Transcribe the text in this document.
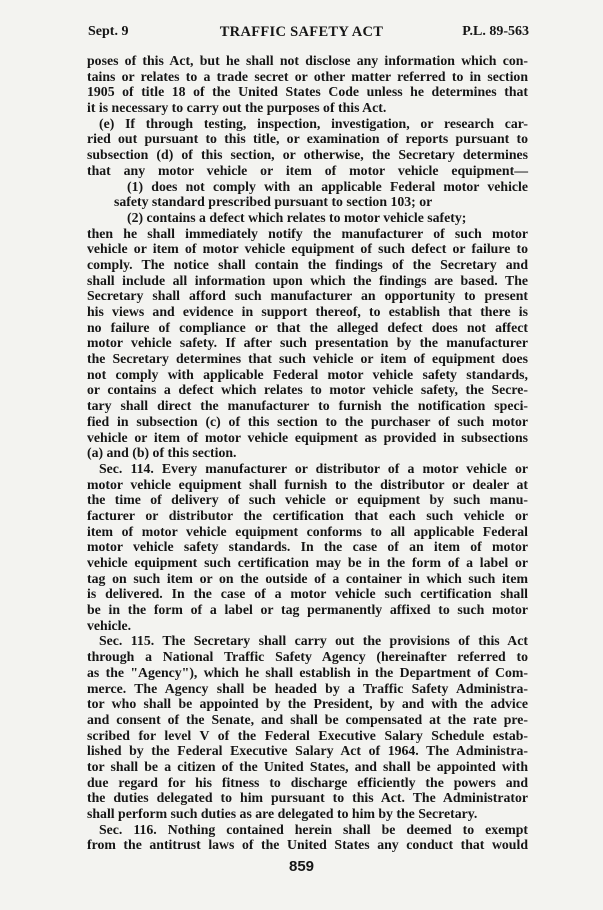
Sept. 9	TRAFFIC SAFETY ACT	P.L. 89-563
poses of this Act, but he shall not disclose any information which con-
tains or relates to a trade secret or other matter referred to in section
1905 of title 18 of the United States Code unless he determines that
it is necessary to carry out the purposes of this Act.
(e) If through testing, inspection, investigation, or research car-
ried out pursuant to this title, or examination of reports pursuant to
subsection (d) of this section, or otherwise, the Secretary determines
that any motor vehicle or item of motor vehicle equipment—
(1) does not comply with an applicable Federal motor vehicle
safety standard prescribed pursuant to section 103; or
(2) contains a defect which relates to motor vehicle safety;
then he shall immediately notify the manufacturer of such motor
vehicle or item of motor vehicle equipment of such defect or failure to
comply. The notice shall contain the findings of the Secretary and
shall include all information upon which the findings are based. The
Secretary shall afford such manufacturer an opportunity to present
his views and evidence in support thereof, to establish that there is
no failure of compliance or that the alleged defect does not affect
motor vehicle safety. If after such presentation by the manufacturer
the Secretary determines that such vehicle or item of equipment does
not comply with applicable Federal motor vehicle safety standards,
or contains a defect which relates to motor vehicle safety, the Secre-
tary shall direct the manufacturer to furnish the notification speci-
fied in subsection (c) of this section to the purchaser of such motor
vehicle or item of motor vehicle equipment as provided in subsections
(a) and (b) of this section.
Sec. 114. Every manufacturer or distributor of a motor vehicle or
motor vehicle equipment shall furnish to the distributor or dealer at
the time of delivery of such vehicle or equipment by such manu-
facturer or distributor the certification that each such vehicle or
item of motor vehicle equipment conforms to all applicable Federal
motor vehicle safety standards. In the case of an item of motor
vehicle equipment such certification may be in the form of a label or
tag on such item or on the outside of a container in which such item
is delivered. In the case of a motor vehicle such certification shall
be in the form of a label or tag permanently affixed to such motor
vehicle.
Sec. 115. The Secretary shall carry out the provisions of this Act
through a National Traffic Safety Agency (hereinafter referred to
as the "Agency"), which he shall establish in the Department of Com-
merce. The Agency shall be headed by a Traffic Safety Administra-
tor who shall be appointed by the President, by and with the advice
and consent of the Senate, and shall be compensated at the rate pre-
scribed for level V of the Federal Executive Salary Schedule estab-
lished by the Federal Executive Salary Act of 1964. The Administra-
tor shall be a citizen of the United States, and shall be appointed with
due regard for his fitness to discharge efficiently the powers and
the duties delegated to him pursuant to this Act. The Administrator
shall perform such duties as are delegated to him by the Secretary.
Sec. 116. Nothing contained herein shall be deemed to exempt
from the antitrust laws of the United States any conduct that would
859
